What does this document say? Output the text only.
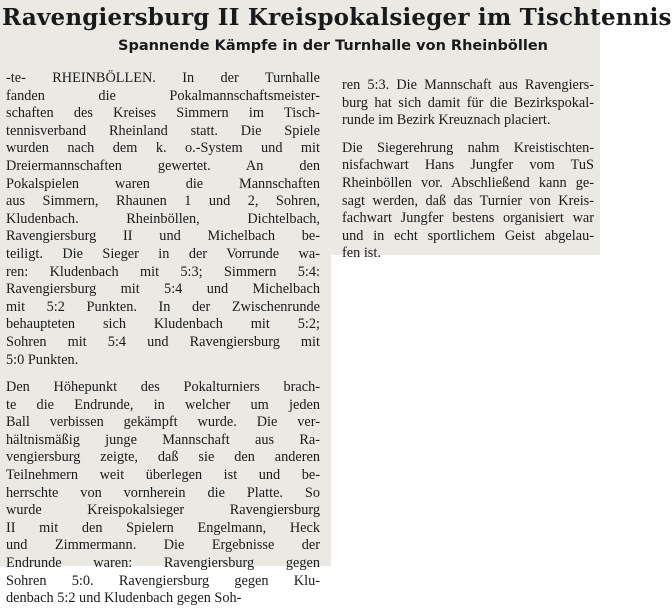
Ravengiersburg II Kreispokalsieger im Tischtennis
Spannende Kämpfe in der Turnhalle von Rheinböllen

-te- RHEINBÖLLEN. In der Turnhalle
fanden die Pokalmannschaftsmeister-
schaften des Kreises Simmern im Tisch-
tennisverband Rheinland statt. Die Spiele
wurden nach dem k. o.-System und mit
Dreiermannschaften gewertet. An den
Pokalspielen waren die Mannschaften
aus Simmern, Rhaunen 1 und 2, Sohren,
Kludenbach. Rheinböllen, Dichtelbach,
Ravengiersburg II und Michelbach be-
teiligt. Die Sieger in der Vorrunde wa-
ren: Kludenbach mit 5:3; Simmern 5:4:
Ravengiersburg mit 5:4 und Michelbach
mit 5:2 Punkten. In der Zwischenrunde
behaupteten sich Kludenbach mit 5:2;
Sohren mit 5:4 und Ravengiersburg mit
5:0 Punkten.

Den Höhepunkt des Pokalturniers brach-
te die Endrunde, in welcher um jeden
Ball verbissen gekämpft wurde. Die ver-
hältnismäßig junge Mannschaft aus Ra-
vengiersburg zeigte, daß sie den anderen
Teilnehmern weit überlegen ist und be-
herrschte von vornherein die Platte. So
wurde Kreispokalsieger Ravengiersburg
II mit den Spielern Engelmann, Heck
und Zimmermann. Die Ergebnisse der
Endrunde waren: Ravengiersburg gegen
Sohren 5:0. Ravengiersburg gegen Klu-
denbach 5:2 und Kludenbach gegen Soh-

ren 5:3. Die Mannschaft aus Ravengiers-
burg hat sich damit für die Bezirkspokal-
runde im Bezirk Kreuznach placiert.

Die Siegerehrung nahm Kreistischten-
nisfachwart Hans Jungfer vom TuS
Rheinböllen vor. Abschließend kann ge-
sagt werden, daß das Turnier von Kreis-
fachwart Jungfer bestens organisiert war
und in echt sportlichem Geist abgelau-
fen ist.
